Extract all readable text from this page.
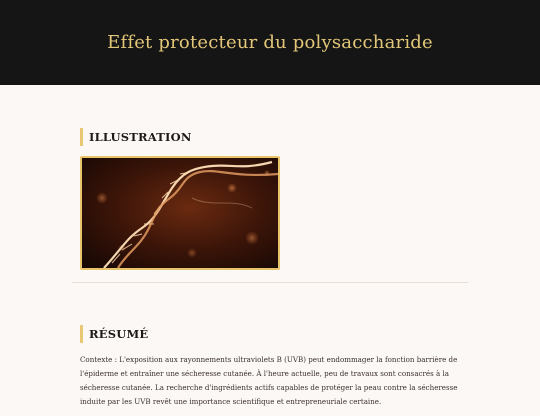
Effet protecteur du polysaccharide
ILLUSTRATION
RÉSUMÉ

Contexte : L'exposition aux rayonnements ultraviolets B (UVB) peut endommager la fonction barrière de l'épiderme et entraîner une sécheresse cutanée. À l'heure actuelle, peu de travaux sont consacrés à la sécheresse cutanée. La recherche d'ingrédients actifs capables de protéger la peau contre la sécheresse induite par les UVB revêt une importance scientifique et entrepreneuriale certaine.
